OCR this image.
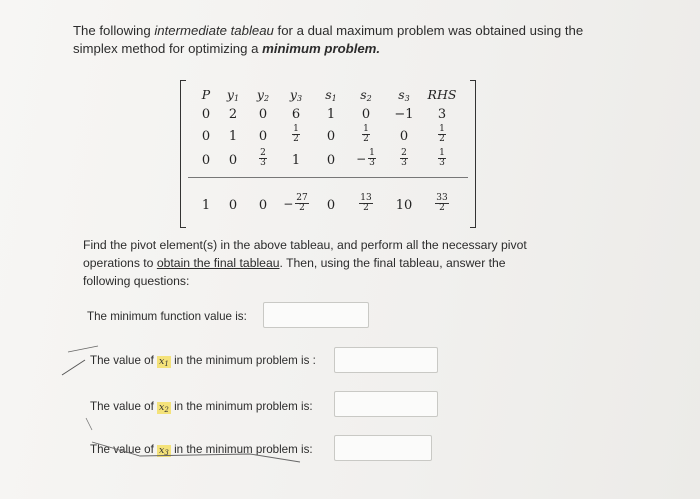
The following intermediate tableau for a dual maximum problem was obtained using the simplex method for optimizing a minimum problem.
P	y1	y2	y3	s1	s2	s3	RHS
0	2	0	6	1	0	−1	3
0	1	0	$\frac{1}{2}$	0	$\frac{1}{2}$	0	$\frac{1}{2}$
0	0	$\frac{2}{3}$	1	0	− $\frac{1}{3}$	$\frac{2}{3}$	$\frac{1}{3}$
1	0	0	− $\frac{27}{2}$	0	$\frac{13}{2}$	10	$\frac{33}{2}$
Find the pivot element(s) in the above tableau, and perform all the necessary pivot operations to obtain the final tableau. Then, using the final tableau, answer the following questions:
The minimum function value is:
The value of $x_1$ in the minimum problem is :
The value of $x_2$ in the minimum problem is:
The value of $x_3$ in the minimum problem is:
